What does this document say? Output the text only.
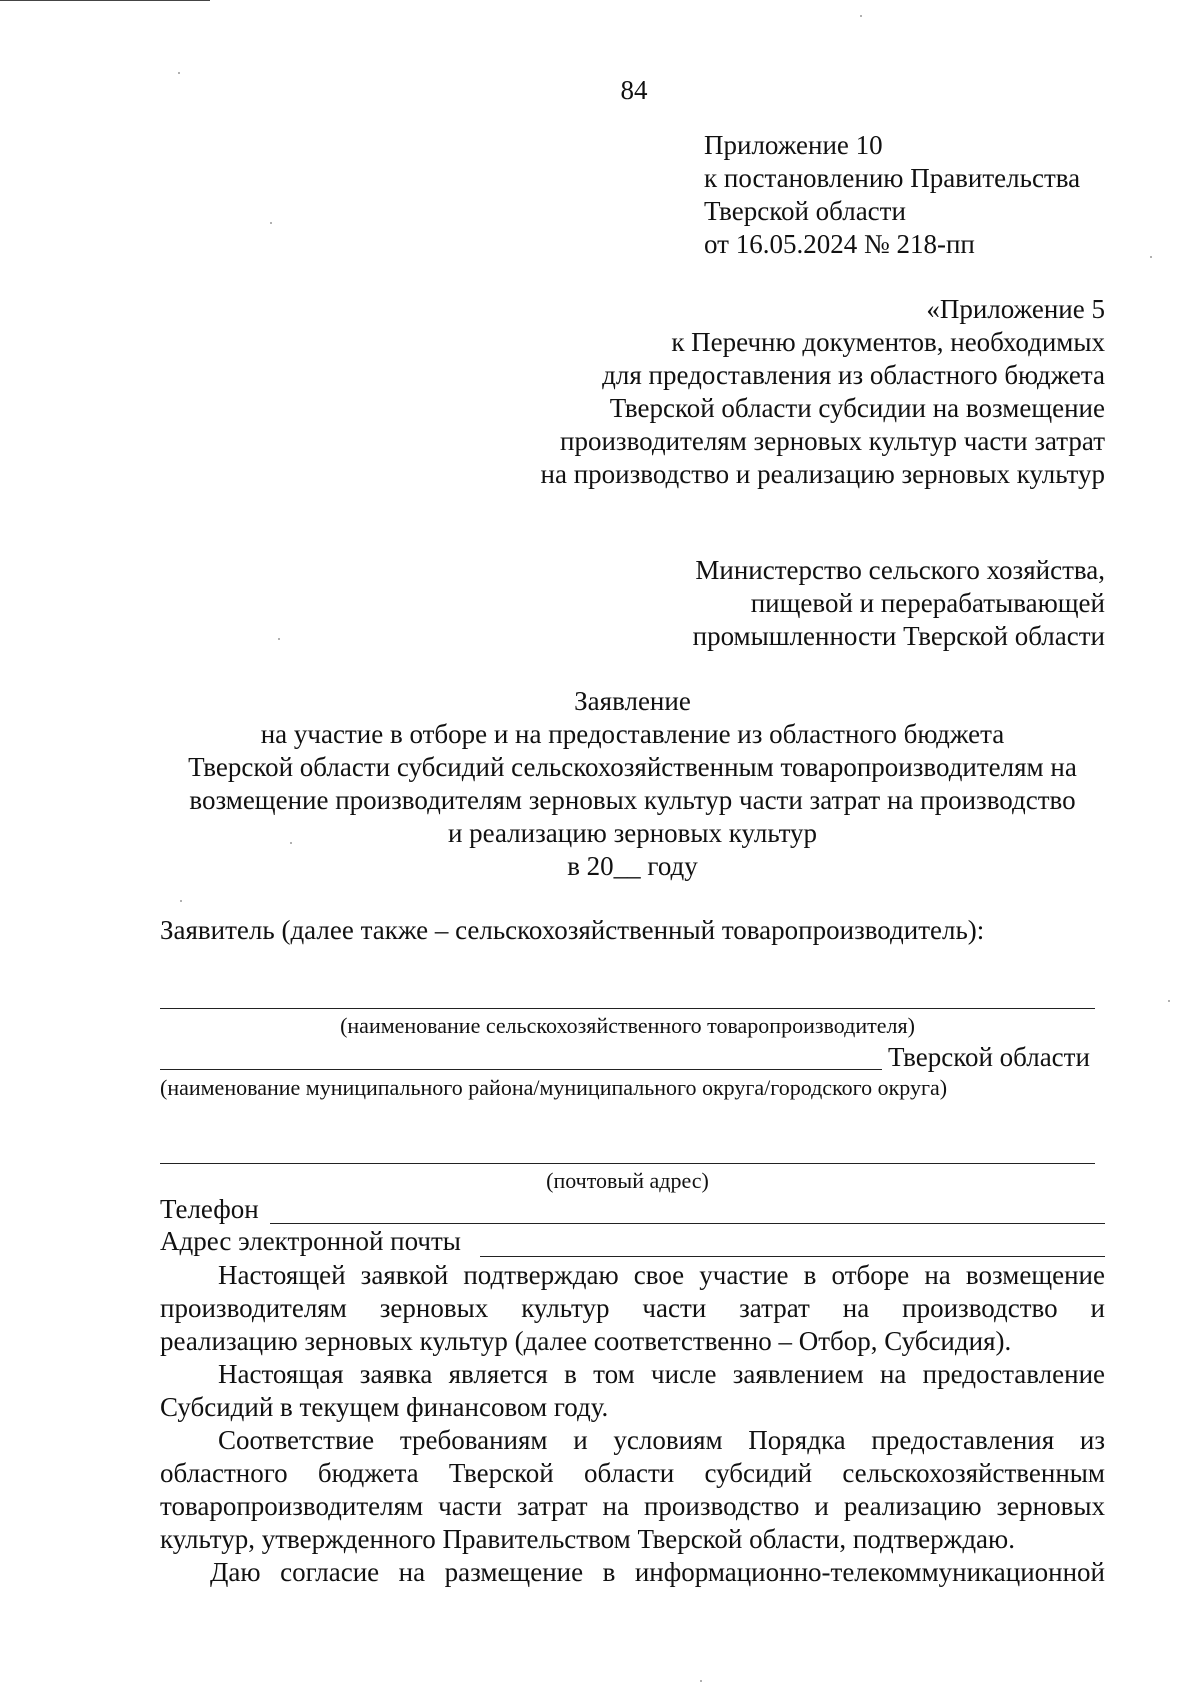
84
Приложение 10
к постановлению Правительства
Тверской области
от 16.05.2024 № 218-пп
«Приложение 5
к Перечню документов, необходимых
для предоставления из областного бюджета
Тверской области субсидии на возмещение
производителям зерновых культур части затрат
на производство и реализацию зерновых культур
Министерство сельского хозяйства,
пищевой и перерабатывающей
промышленности Тверской области
Заявление
на участие в отборе и на предоставление из областного бюджета
Тверской области субсидий сельскохозяйственным товаропроизводителям на
возмещение производителям зерновых культур части затрат на производство
и реализацию зерновых культур
в 20__ году
Заявитель (далее также – сельскохозяйственный товаропроизводитель):
(наименование сельскохозяйственного товаропроизводителя)
Тверской области
(наименование муниципального района/муниципального округа/городского округа)
(почтовый адрес)
Телефон
Адрес электронной почты
Настоящей заявкой подтверждаю свое участие в отборе на возмещение
производителям зерновых культур части затрат на производство и
реализацию зерновых культур (далее соответственно – Отбор, Субсидия).
Настоящая заявка является в том числе заявлением на предоставление
Субсидий в текущем финансовом году.
Соответствие требованиям и условиям Порядка предоставления из
областного бюджета Тверской области субсидий сельскохозяйственным
товаропроизводителям части затрат на производство и реализацию зерновых
культур, утвержденного Правительством Тверской области, подтверждаю.
Даю согласие на размещение в информационно-телекоммуникационной
